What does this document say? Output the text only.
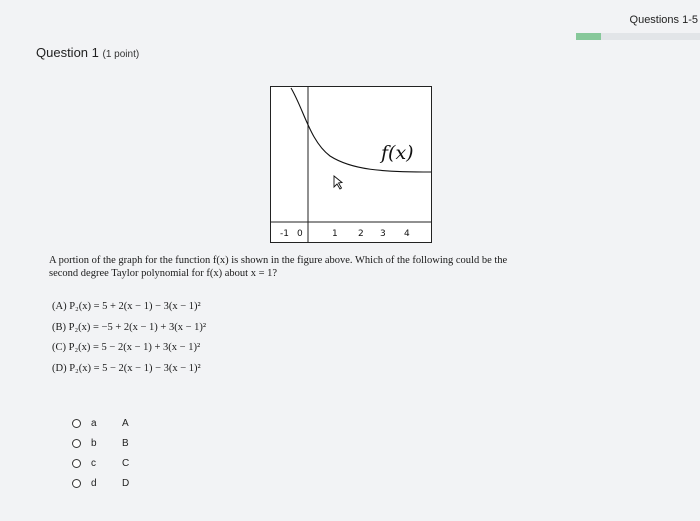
Questions 1-5
Question 1 (1 point)
f(x)
-1 0	1 2 3 4
A portion of the graph for the function f(x) is shown in the figure above. Which of the following could be the
second degree Taylor polynomial for f(x) about x = 1?
(A) P₂(x) = 5 + 2(x − 1) − 3(x − 1)²
(B) P₂(x) = −5 + 2(x − 1) + 3(x − 1)²
(C) P₂(x) = 5 − 2(x − 1) + 3(x − 1)²
(D) P₂(x) = 5 − 2(x − 1) − 3(x − 1)²
a	A
b	B
c	C
d	D
